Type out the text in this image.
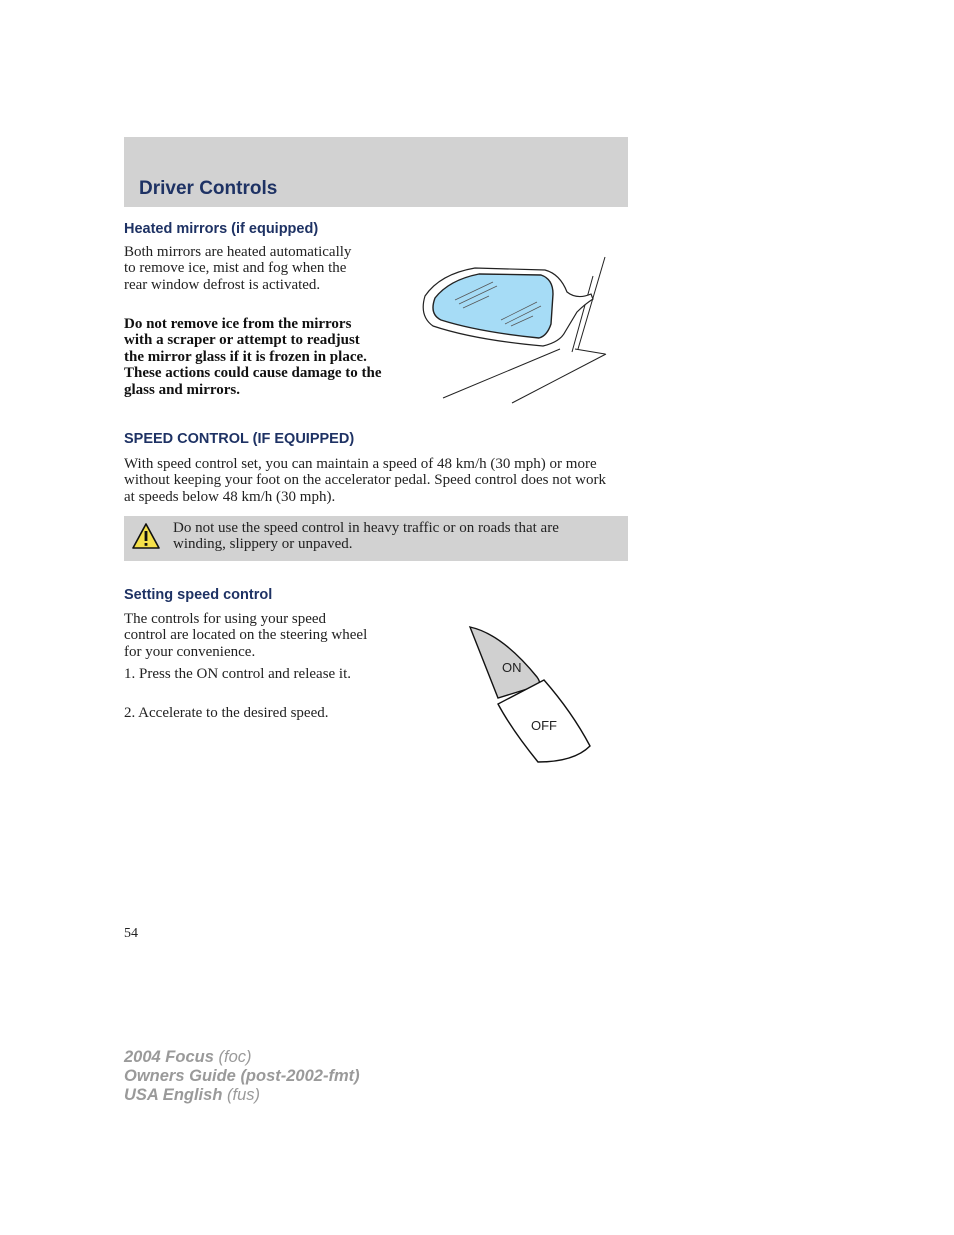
Driver Controls
Heated mirrors (if equipped)

Both mirrors are heated automatically to remove ice, mist and fog when the rear window defrost is activated.

Do not remove ice from the mirrors with a scraper or attempt to readjust the mirror glass if it is frozen in place. These actions could cause damage to the glass and mirrors.

SPEED CONTROL (IF EQUIPPED)

With speed control set, you can maintain a speed of 48 km/h (30 mph) or more without keeping your foot on the accelerator pedal. Speed control does not work at speeds below 48 km/h (30 mph).

Do not use the speed control in heavy traffic or on roads that are winding, slippery or unpaved.

Setting speed control

The controls for using your speed control are located on the steering wheel for your convenience.

1. Press the ON control and release it.

2. Accelerate to the desired speed.

ON
OFF
54
2004 Focus (foc)
Owners Guide (post-2002-fmt)
USA English (fus)
